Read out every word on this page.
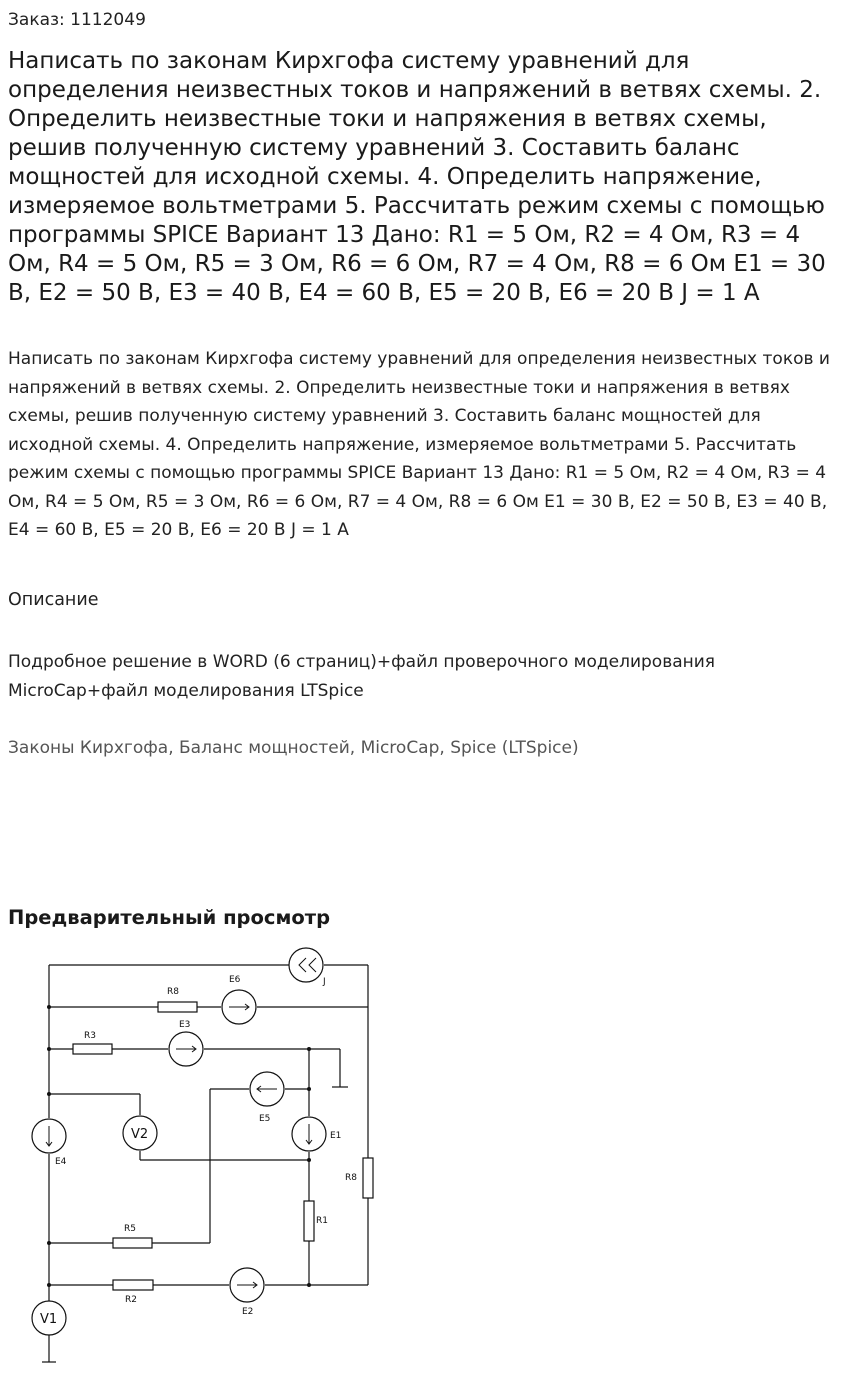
Заказ: 1112049
Написать по законам Кирхгофа систему уравнений для определения неизвестных токов и напряжений в ветвях схемы. 2. Определить неизвестные токи и напряжения в ветвях схемы, решив полученную систему уравнений 3. Составить баланс мощностей для исходной схемы. 4. Определить напряжение, измеряемое вольтметрами 5. Рассчитать режим схемы с помощью программы SPICE Вариант 13 Дано: R1 = 5 Ом, R2 = 4 Ом, R3 = 4 Ом, R4 = 5 Ом, R5 = 3 Ом, R6 = 6 Ом, R7 = 4 Ом, R8 = 6 Ом E1 = 30 В, E2 = 50 В, E3 = 40 В, E4 = 60 В, E5 = 20 В, E6 = 20 В J = 1 А
Написать по законам Кирхгофа систему уравнений для определения неизвестных токов и напряжений в ветвях схемы. 2. Определить неизвестные токи и напряжения в ветвях схемы, решив полученную систему уравнений 3. Составить баланс мощностей для исходной схемы. 4. Определить напряжение, измеряемое вольтметрами 5. Рассчитать режим схемы с помощью программы SPICE Вариант 13 Дано: R1 = 5 Ом, R2 = 4 Ом, R3 = 4 Ом, R4 = 5 Ом, R5 = 3 Ом, R6 = 6 Ом, R7 = 4 Ом, R8 = 6 Ом E1 = 30 В, E2 = 50 В, E3 = 40 В, E4 = 60 В, E5 = 20 В, E6 = 20 В J = 1 А
Описание
Подробное решение в WORD (6 страниц)+файл проверочного моделирования MicroCap+файл моделирования LTSpice
Законы Кирхгофа, Баланс мощностей, MicroCap, Spice (LTSpice)
Предварительный просмотр
J
E6
R8
E3
R3
E5
E1
V2
E4
R8
R1
R5
R2
E2
V1
